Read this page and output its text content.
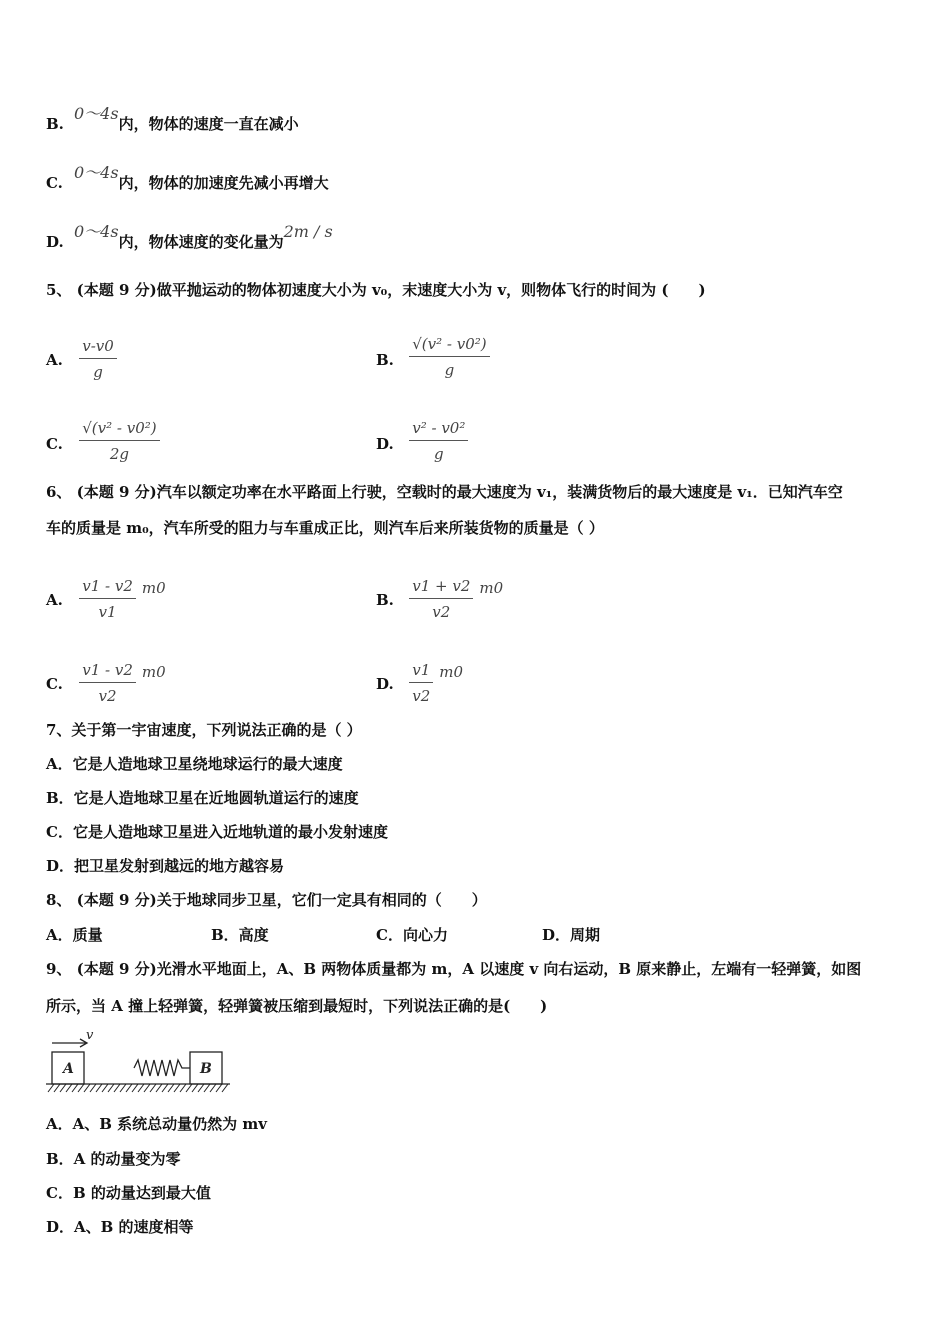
B.0～4s内，物体的速度一直在减小
C.0～4s内，物体的加速度先减小再增大
D.0～4s内，物体速度的变化量为2m / s
5、 (本题 9 分)做平抛运动的物体初速度大小为 v₀，末速度大小为 v，则物体飞行的时间为 (　　)
A. $\frac{v-v0}{g}$	B. $\frac{\text{√(v² - v0²)}}{g}$
C. $\frac{\text{√(v² - v0²)}}{2g}$	D. $\frac{\text{v² - v0²}}{g}$
6、 (本题 9 分)汽车以额定功率在水平路面上行驶，空载时的最大速度为 v₁，装满货物后的最大速度是 v₁．已知汽车空
车的质量是 m₀，汽车所受的阻力与车重成正比，则汽车后来所装货物的质量是（ ）
A. $\frac{v1 - v2}{v1} m0$
B. $\frac{v1 + v2}{v2} m0$
C. $\frac{v1 - v2}{v2} m0$
D. $\frac{v1}{v2} m0$
7、关于第一宇宙速度，下列说法正确的是（ ）
A．它是人造地球卫星绕地球运行的最大速度
B．它是人造地球卫星在近地圆轨道运行的速度
C．它是人造地球卫星进入近地轨道的最小发射速度
D．把卫星发射到越远的地方越容易
8、 (本题 9 分)关于地球同步卫星，它们一定具有相同的（　　）
A．质量	B．高度	C．向心力	D．周期
9、 (本题 9 分)光滑水平地面上，A、B 两物体质量都为 m，A 以速度 v 向右运动，B 原来静止，左端有一轻弹簧，如图
所示，当 A 撞上轻弹簧，轻弹簧被压缩到最短时，下列说法正确的是(　　)
v
A	B
A．A、B 系统总动量仍然为 mv
B．A 的动量变为零
C．B 的动量达到最大值
D．A、B 的速度相等
